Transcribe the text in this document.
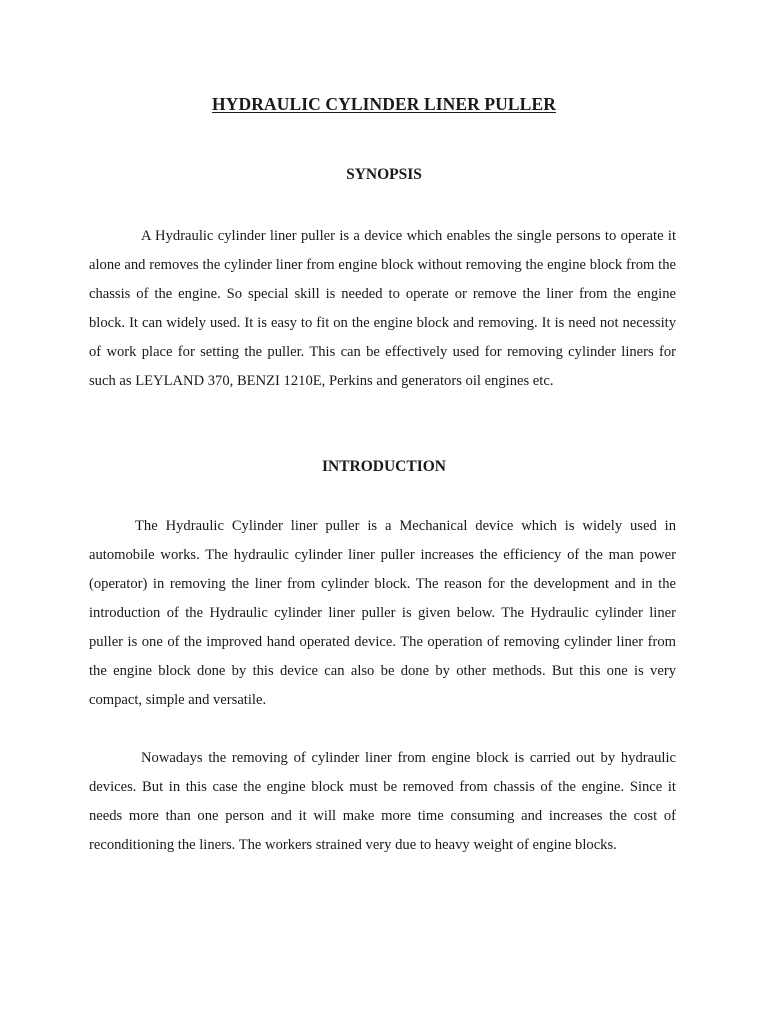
HYDRAULIC CYLINDER LINER PULLER
SYNOPSIS

A Hydraulic cylinder liner puller is a device which enables the single persons to operate it alone and removes the cylinder liner from engine block without removing the engine block from the chassis of the engine. So special skill is needed to operate or remove the liner from the engine block. It can widely used. It is easy to fit on the engine block and removing. It is need not necessity of work place for setting the puller. This can be effectively used for removing cylinder liners for such as LEYLAND 370, BENZI 1210E, Perkins and generators oil engines etc.

INTRODUCTION

The Hydraulic Cylinder liner puller is a Mechanical device which is widely used in automobile works. The hydraulic cylinder liner puller increases the efficiency of the man power (operator) in removing the liner from cylinder block. The reason for the development and in the introduction of the Hydraulic cylinder liner puller is given below. The Hydraulic cylinder liner puller is one of the improved hand operated device. The operation of removing cylinder liner from the engine block done by this device can also be done by other methods. But this one is very compact, simple and versatile.

Nowadays the removing of cylinder liner from engine block is carried out by hydraulic devices. But in this case the engine block must be removed from chassis of the engine. Since it needs more than one person and it will make more time consuming and increases the cost of reconditioning the liners. The workers strained very due to heavy weight of engine blocks.
